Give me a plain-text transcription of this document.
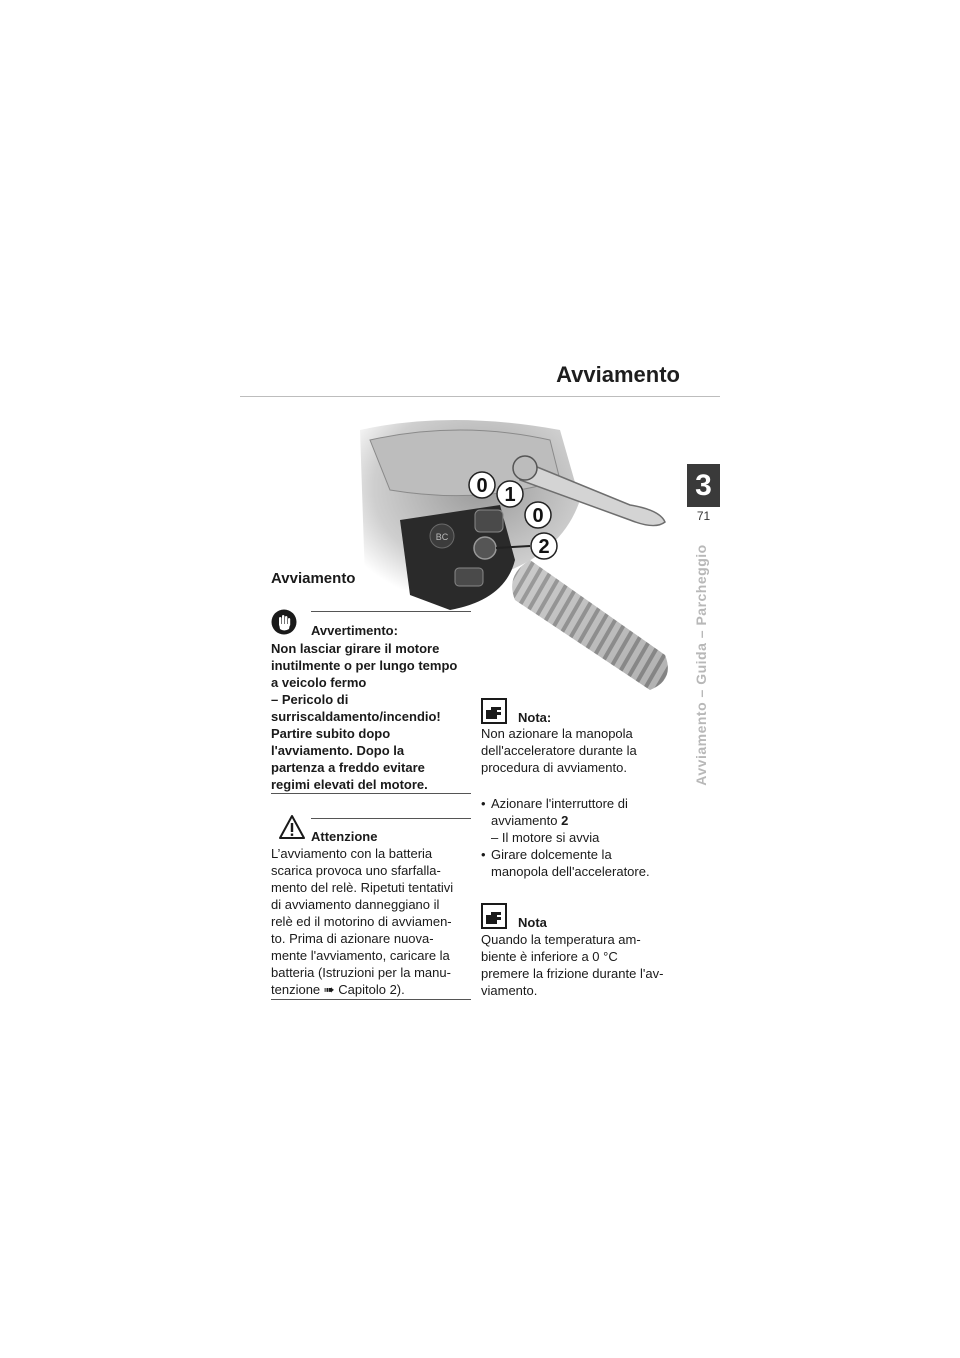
Avviamento
3
71
Avviamento – Guida – Parcheggio
BC
0 1
0
2
Avviamento
Avvertimento:
Non lasciar girare il motore
inutilmente o per lungo tempo
a veicolo fermo
– Pericolo di
surriscaldamento/incendio!
Partire subito dopo
l'avviamento. Dopo la
partenza a freddo evitare
regimi elevati del motore.
Attenzione
L’avviamento con la batteria
scarica provoca uno sfarfalla-
mento del relè. Ripetuti tentativi
di avviamento danneggiano il
relè ed il motorino di avviamen-
to. Prima di azionare nuova-
mente l'avviamento, caricare la
batteria (Istruzioni per la manu-
tenzione ➠ Capitolo 2).
Nota:
Non azionare la manopola
dell'acceleratore durante la
procedura di avviamento.
• Azionare l'interruttore di
avviamento 2
– Il motore si avvia
• Girare dolcemente la
manopola dell'acceleratore.
Nota
Quando la temperatura am-
biente è inferiore a 0 °C
premere la frizione durante l'av-
viamento.
